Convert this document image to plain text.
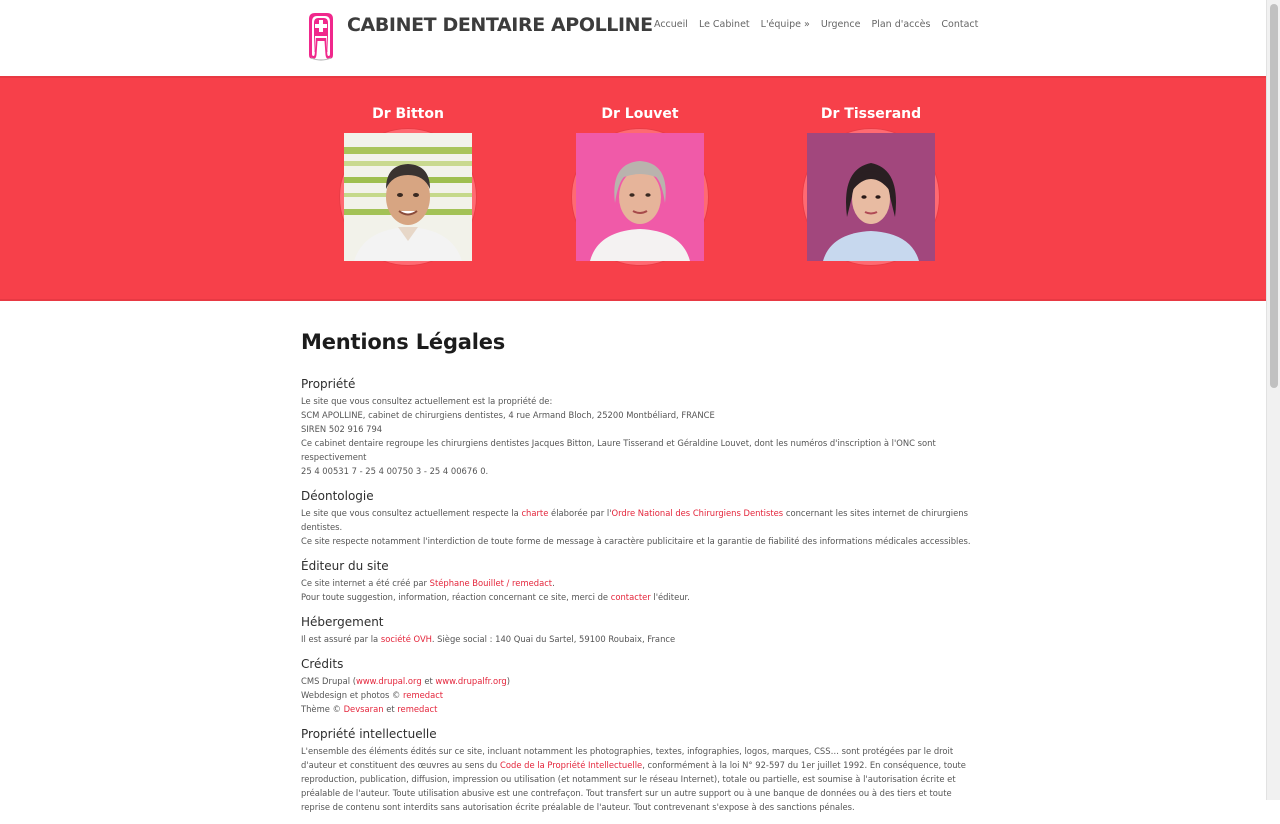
CABINET DENTAIRE APOLLINE Accueil Le Cabinet L'équipe » Urgence Plan d'accès Contact
Dr Bitton	Dr Louvet	Dr Tisserand
Mentions Légales
Propriété

Le site que vous consultez actuellement est la propriété de:
SCM APOLLINE, cabinet de chirurgiens dentistes, 4 rue Armand Bloch, 25200 Montbéliard, FRANCE
SIREN 502 916 794
Ce cabinet dentaire regroupe les chirurgiens dentistes Jacques Bitton, Laure Tisserand et Géraldine Louvet, dont les numéros d'inscription à l'ONC sont respectivement
25 4 00531 7 - 25 4 00750 3 - 25 4 00676 0.

Déontologie

Le site que vous consultez actuellement respecte la charte élaborée par l'Ordre National des Chirurgiens Dentistes concernant les sites internet de chirurgiens dentistes.
Ce site respecte notamment l'interdiction de toute forme de message à caractère publicitaire et la garantie de fiabilité des informations médicales accessibles.

Éditeur du site

Ce site internet a été créé par Stéphane Bouillet / remedact.
Pour toute suggestion, information, réaction concernant ce site, merci de contacter l'éditeur.

Hébergement

Il est assuré par la société OVH. Siège social : 140 Quai du Sartel, 59100 Roubaix, France

Crédits

CMS Drupal (www.drupal.org et www.drupalfr.org)
Webdesign et photos © remedact
Thème © Devsaran et remedact

Propriété intellectuelle

L'ensemble des éléments édités sur ce site, incluant notamment les photographies, textes, infographies, logos, marques, CSS… sont protégées par le droit d'auteur et constituent des œuvres au sens du Code de la Propriété Intellectuelle, conformément à la loi N° 92-597 du 1er juillet 1992. En conséquence, toute reproduction, publication, diffusion, impression ou utilisation (et notamment sur le réseau Internet), totale ou partielle, est soumise à l'autorisation écrite et préalable de l'auteur. Toute utilisation abusive est une contrefaçon. Tout transfert sur un autre support ou à une banque de données ou à des tiers et toute reprise de contenu sont interdits sans autorisation écrite préalable de l'auteur. Tout contrevenant s'expose à des sanctions pénales.
